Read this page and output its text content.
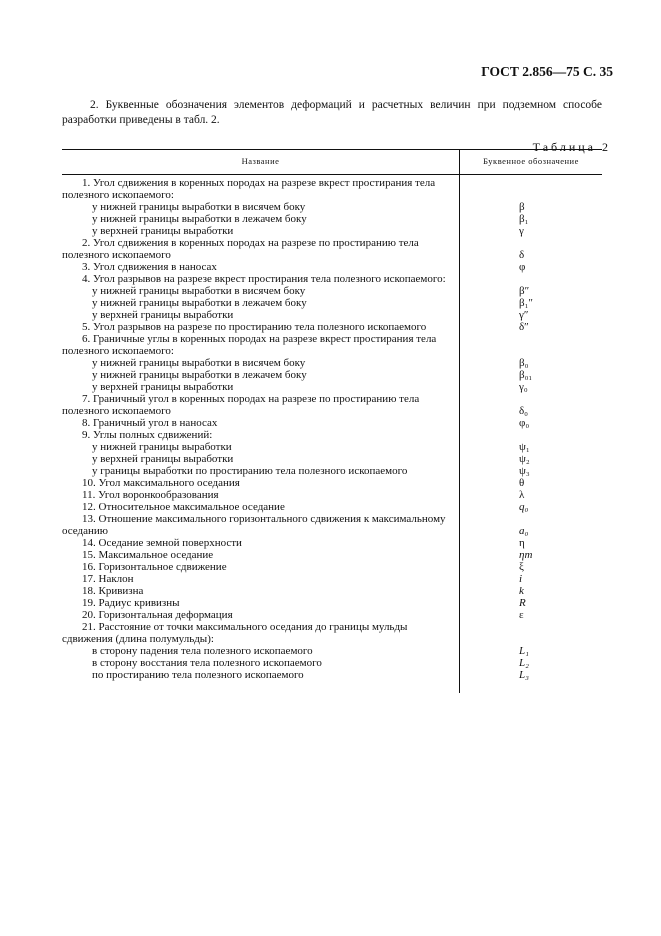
ГОСТ 2.856—75 С. 35
2. Буквенные обозначения элементов деформаций и расчетных величин при подземном способе разработки приведены в табл. 2.
Таблица 2
Название	Буквенное обозначение
1. Угол сдвижения в коренных породах на разрезе вкрест простирания тела полезного ископаемого:
у нижней границы выработки в висячем боку	β
у нижней границы выработки в лежачем боку	β₁
у верхней границы выработки	γ
2. Угол сдвижения в коренных породах на разрезе по простиранию тела полезного ископаемого	δ
3. Угол сдвижения в наносах	φ
4. Угол разрывов на разрезе вкрест простирания тела полезного ископаемого:
у нижней границы выработки в висячем боку	β″
у нижней границы выработки в лежачем боку	β₁″
у верхней границы выработки	γ″
5. Угол разрывов на разрезе по простиранию тела полезного ископаемого	δ″
6. Граничные углы в коренных породах на разрезе вкрест простирания тела полезного ископаемого:
у нижней границы выработки в висячем боку	β₀
у нижней границы выработки в лежачем боку	β₀₁
у верхней границы выработки	γ₀
7. Граничный угол в коренных породах на разрезе по простиранию тела полезного ископаемого	δ₀
8. Граничный угол в наносах	φ₀
9. Углы полных сдвижений:
у нижней границы выработки	ψ₁
у верхней границы выработки	ψ₂
у границы выработки по простиранию тела полезного ископаемого	ψ₃
10. Угол максимального оседания	θ
11. Угол воронкообразования	λ
12. Относительное максимальное оседание	q₀
13. Отношение максимального горизонтального сдвижения к максимальному оседанию	a₀
14. Оседание земной поверхности	η
15. Максимальное оседание	ηm
16. Горизонтальное сдвижение	ξ
17. Наклон	i
18. Кривизна	k
19. Радиус кривизны	R
20. Горизонтальная деформация	ε
21. Расстояние от точки максимального оседания до границы мульды сдвижения (длина полумульды):
в сторону падения тела полезного ископаемого	L₁
в сторону восстания тела полезного ископаемого	L₂
по простиранию тела полезного ископаемого	L₃
